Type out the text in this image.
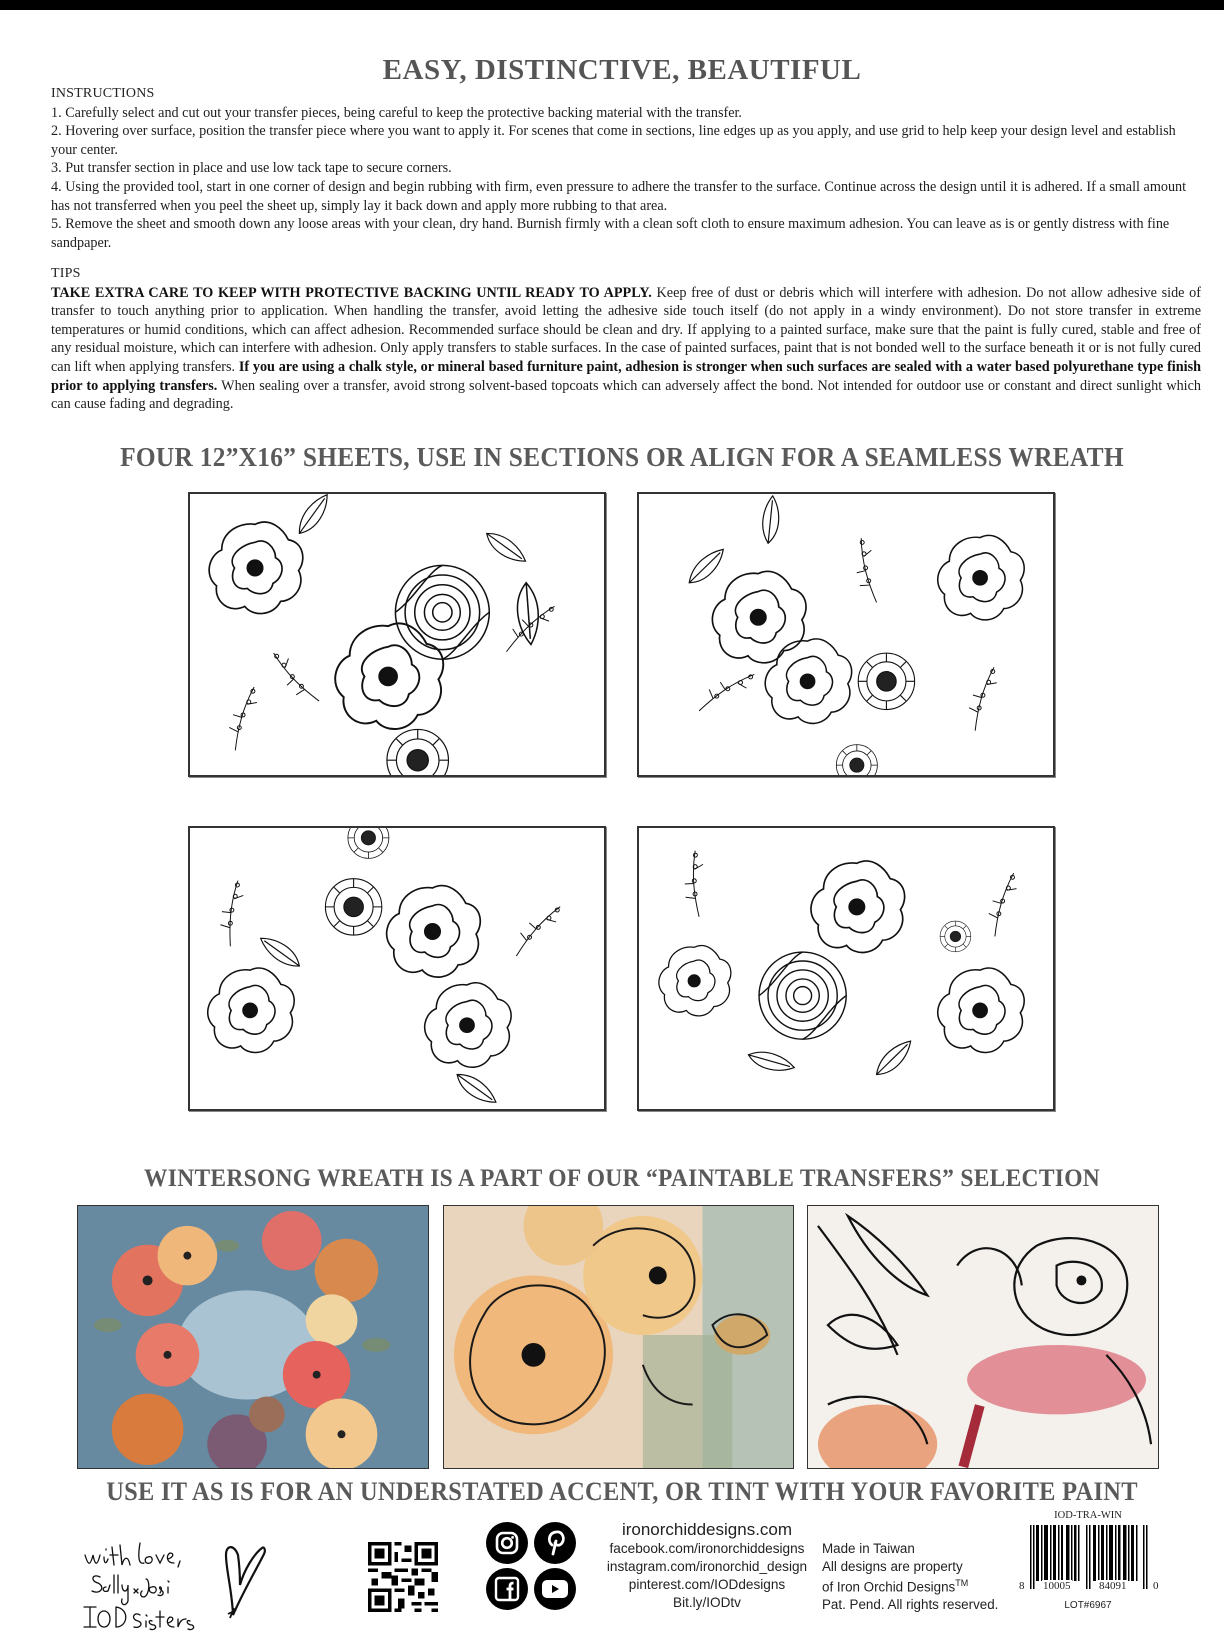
EASY, DISTINCTIVE, BEAUTIFUL
INSTRUCTIONS

1. Carefully select and cut out your transfer pieces, being careful to keep the protective backing material with the transfer.

2. Hovering over surface, position the transfer piece where you want to apply it. For scenes that come in sections, line edges up as you apply, and use grid to help keep your design level and establish your center.

3. Put transfer section in place and use low tack tape to secure corners.

4. Using the provided tool, start in one corner of design and begin rubbing with firm, even pressure to adhere the transfer to the surface. Continue across the design until it is adhered. If a small amount has not transferred when you peel the sheet up, simply lay it back down and apply more rubbing to that area.

5. Remove the sheet and smooth down any loose areas with your clean, dry hand. Burnish firmly with a clean soft cloth to ensure maximum adhesion. You can leave as is or gently distress with fine sandpaper.

TIPS

TAKE EXTRA CARE TO KEEP WITH PROTECTIVE BACKING UNTIL READY TO APPLY. Keep free of dust or debris which will interfere with adhesion. Do not allow adhesive side of transfer to touch anything prior to application. When handling the transfer, avoid letting the adhesive side touch itself (do not apply in a windy environment). Do not store transfer in extreme temperatures or humid conditions, which can affect adhesion. Recommended surface should be clean and dry. If applying to a painted surface, make sure that the paint is fully cured, stable and free of any residual moisture, which can interfere with adhesion. Only apply transfers to stable surfaces. In the case of painted surfaces, paint that is not bonded well to the surface beneath it or is not fully cured can lift when applying transfers. If you are using a chalk style, or mineral based furniture paint, adhesion is stronger when such surfaces are sealed with a water based polyurethane type finish prior to applying transfers. When sealing over a transfer, avoid strong solvent-based topcoats which can adversely affect the bond. Not intended for outdoor use or constant and direct sunlight which can cause fading and degrading.

FOUR 12”X16” SHEETS, USE IN SECTIONS OR ALIGN FOR A SEAMLESS WREATH
WINTERSONG WREATH IS A PART OF OUR “PAINTABLE TRANSFERS” SELECTION
USE IT AS IS FOR AN UNDERSTATED ACCENT, OR TINT WITH YOUR FAVORITE PAINT
ironorchiddesigns.com
facebook.com/ironorchiddesigns
instagram.com/ironorchid_design
pinterest.com/IODdesigns
Bit.ly/IODtv
Made in Taiwan
All designs are property
of Iron Orchid Designs™
Pat. Pend. All rights reserved.
IOD-TRA-WIN
8 10005	84091 0
LOT#6967
